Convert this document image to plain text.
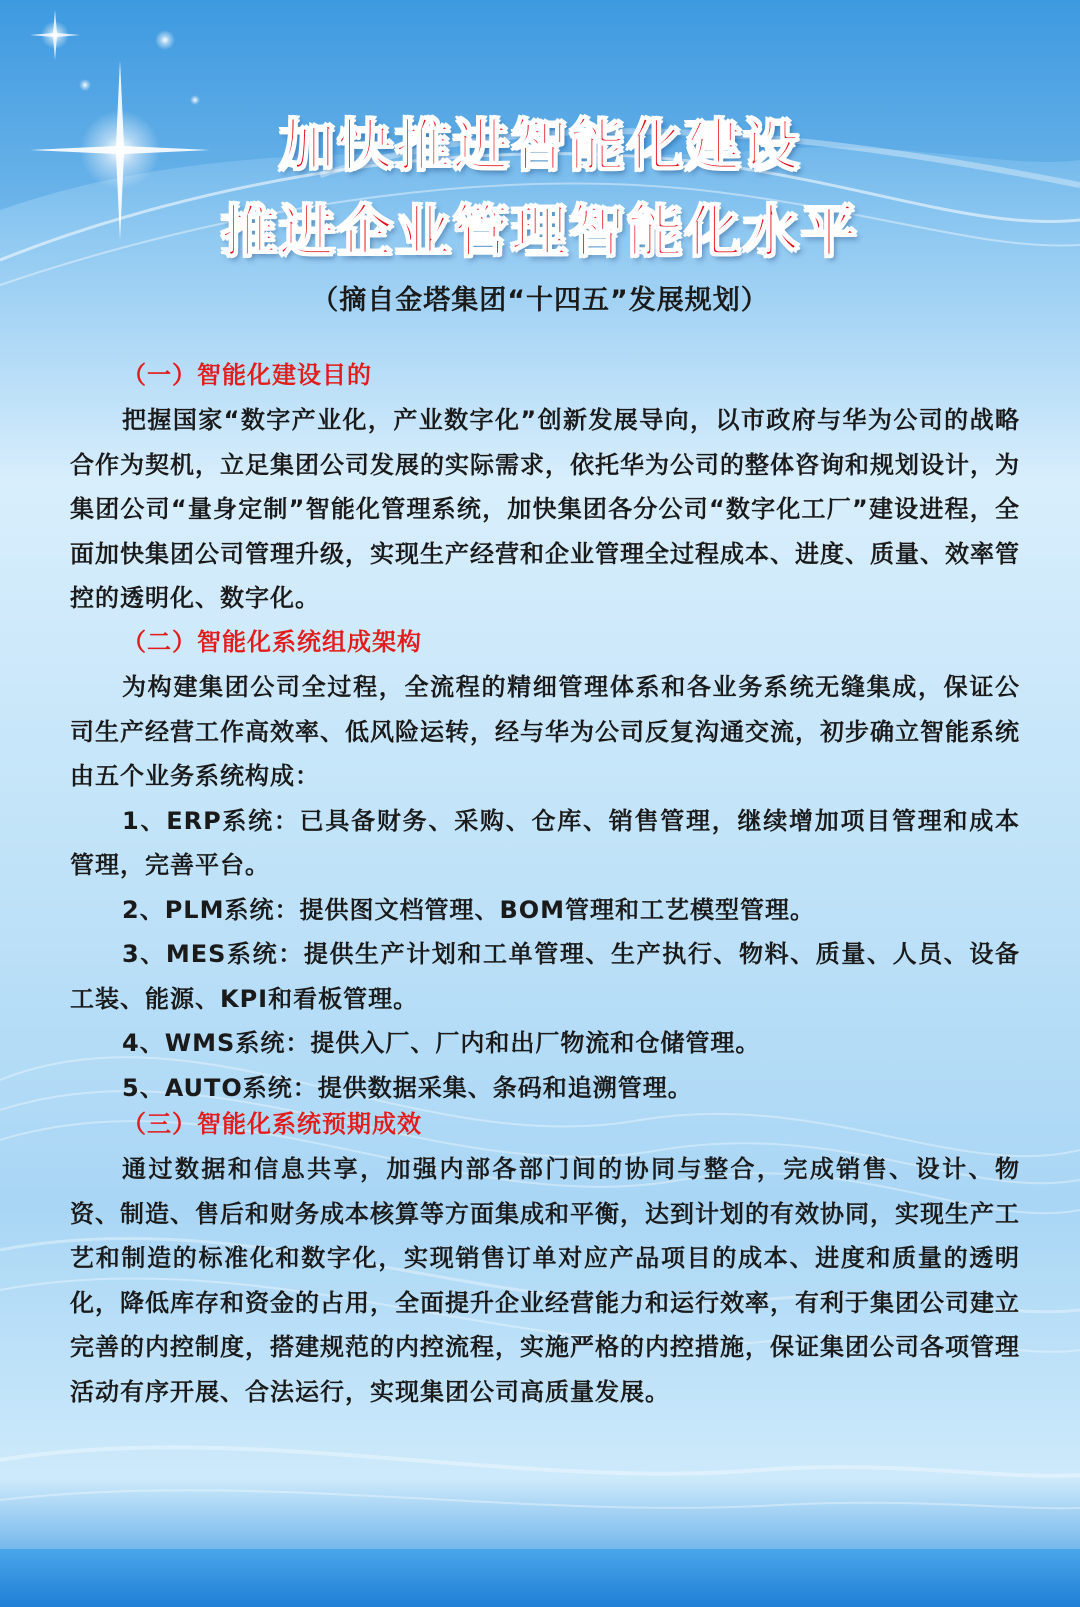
加快推进智能化建设
推进企业管理智能化水平
（摘自金塔集团“十四五”发展规划）
（一）智能化建设目的

把握国家“数字产业化，产业数字化”创新发展导向，以市政府与华为公司的战略合作为契机，立足集团公司发展的实际需求，依托华为公司的整体咨询和规划设计，为集团公司“量身定制”智能化管理系统，加快集团各分公司“数字化工厂”建设进程，全面加快集团公司管理升级，实现生产经营和企业管理全过程成本、进度、质量、效率管控的透明化、数字化。

（二）智能化系统组成架构

为构建集团公司全过程，全流程的精细管理体系和各业务系统无缝集成，保证公司生产经营工作高效率、低风险运转，经与华为公司反复沟通交流，初步确立智能系统由五个业务系统构成：

1、ERP系统：已具备财务、采购、仓库、销售管理，继续增加项目管理和成本管理，完善平台。

2、PLM系统：提供图文档管理、BOM管理和工艺模型管理。

3、MES系统：提供生产计划和工单管理、生产执行、物料、质量、人员、设备工装、能源、KPI和看板管理。

4、WMS系统：提供入厂、厂内和出厂物流和仓储管理。

5、AUTO系统：提供数据采集、条码和追溯管理。

（三）智能化系统预期成效

通过数据和信息共享，加强内部各部门间的协同与整合，完成销售、设计、物资、制造、售后和财务成本核算等方面集成和平衡，达到计划的有效协同，实现生产工艺和制造的标准化和数字化，实现销售订单对应产品项目的成本、进度和质量的透明化，降低库存和资金的占用，全面提升企业经营能力和运行效率，有利于集团公司建立完善的内控制度，搭建规范的内控流程，实施严格的内控措施，保证集团公司各项管理活动有序开展、合法运行，实现集团公司高质量发展。
